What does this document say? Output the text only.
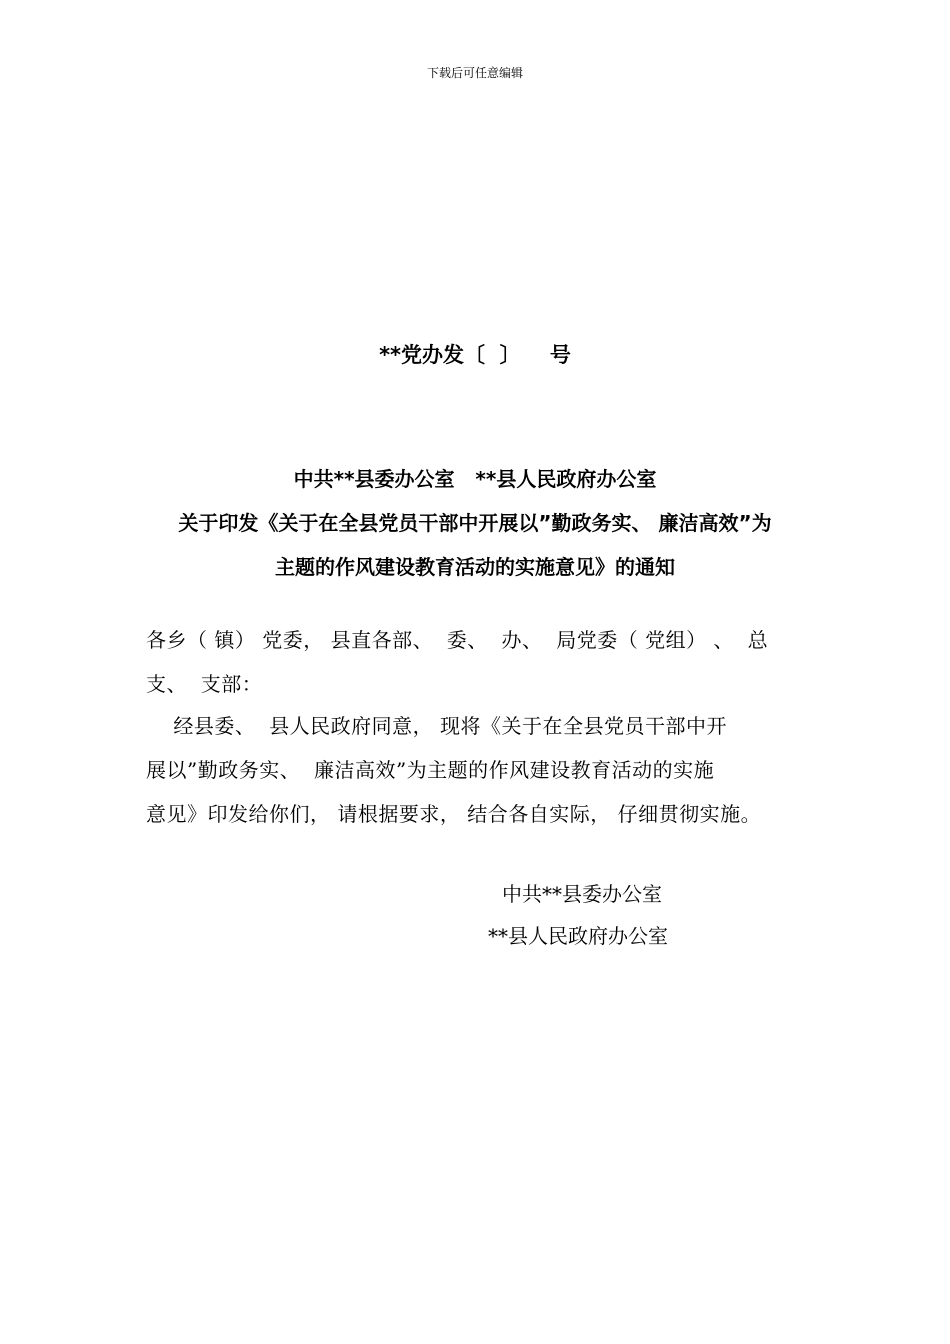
下载后可任意编辑
**党办发〔  〕    号
中共**县委办公室   **县人民政府办公室
关于印发《关于在全县党员干部中开展以”勤政务实、 廉洁高效”为
主题的作风建设教育活动的实施意见》的通知
各乡（ 镇） 党委， 县直各部、  委、  办、  局党委（ 党组） 、  总
支、  支部：
经县委、  县人民政府同意， 现将《关于在全县党员干部中开
展以”勤政务实、  廉洁高效”为主题的作风建设教育活动的实施
意见》印发给你们， 请根据要求， 结合各自实际， 仔细贯彻实施。
中共**县委办公室
**县人民政府办公室
